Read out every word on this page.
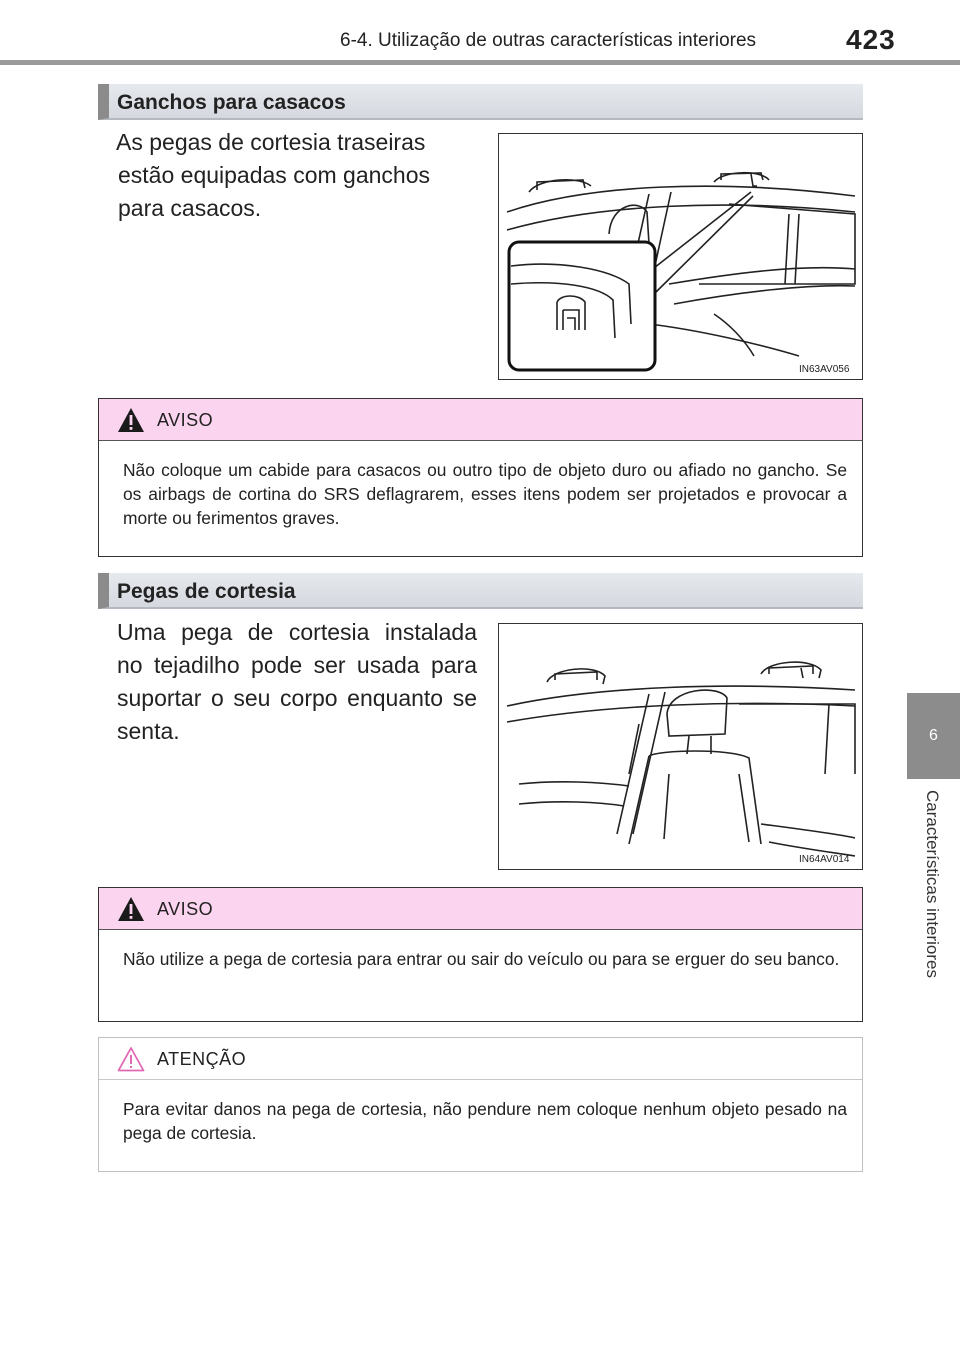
6-4. Utilização de outras características interiores	423
6
Características interiores
Ganchos para casacos
As pegas de cortesia traseiras
estão equipadas com ganchos
para casacos.
IN63AV056
AVISO
Não coloque um cabide para casacos ou outro tipo de objeto duro ou afiado no gancho. Se os airbags de cortina do SRS deflagrarem, esses itens podem ser projetados e provocar a morte ou ferimentos graves.
Pegas de cortesia
Uma pega de cortesia instalada
no tejadilho pode ser usada para
suportar o seu corpo enquanto se
senta.
IN64AV014
AVISO
Não utilize a pega de cortesia para entrar ou sair do veículo ou para se erguer do seu banco.
ATENÇÃO
Para evitar danos na pega de cortesia, não pendure nem coloque nenhum objeto pesado na pega de cortesia.
